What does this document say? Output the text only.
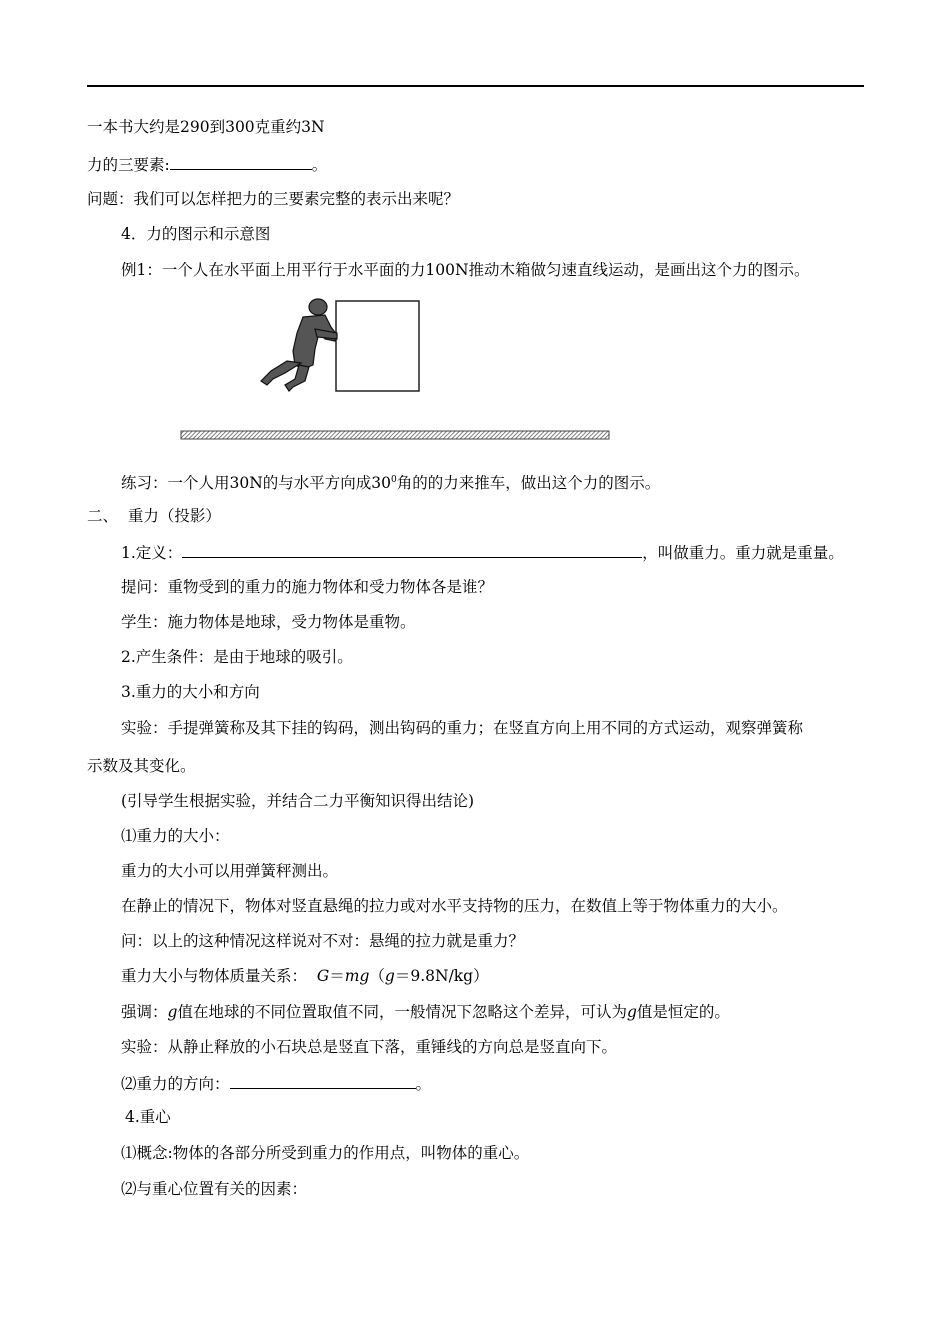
一本书大约是290到300克重约3N
力的三要素:	。
问题：我们可以怎样把力的三要素完整的表示出来呢？
4．力的图示和示意图
例1：一个人在水平面上用平行于水平面的力100N推动木箱做匀速直线运动，是画出这个力的图示。
练习：一个人用30N的与水平方向成$30^0$角的的力来推车，做出这个力的图示。
二、  重力（投影）
1.定义：	，叫做重力。重力就是重量。
提问：重物受到的重力的施力物体和受力物体各是谁？
学生：施力物体是地球，受力物体是重物。
2.产生条件：是由于地球的吸引。
3.重力的大小和方向
实验：手提弹簧称及其下挂的钩码，测出钩码的重力；在竖直方向上用不同的方式运动，观察弹簧称
示数及其变化。
(引导学生根据实验，并结合二力平衡知识得出结论)
⑴重力的大小：
重力的大小可以用弹簧秤测出。
在静止的情况下，物体对竖直悬绳的拉力或对水平支持物的压力，在数值上等于物体重力的大小。
问：以上的这种情况这样说对不对：悬绳的拉力就是重力？
重力大小与物体质量关系： G＝mg（g＝9.8N/kg）
强调：g值在地球的不同位置取值不同，一般情况下忽略这个差异，可认为g值是恒定的。
实验：从静止释放的小石块总是竖直下落，重锤线的方向总是竖直向下。
⑵重力的方向：	。
4.重心
⑴概念:物体的各部分所受到重力的作用点，叫物体的重心。
⑵与重心位置有关的因素：
